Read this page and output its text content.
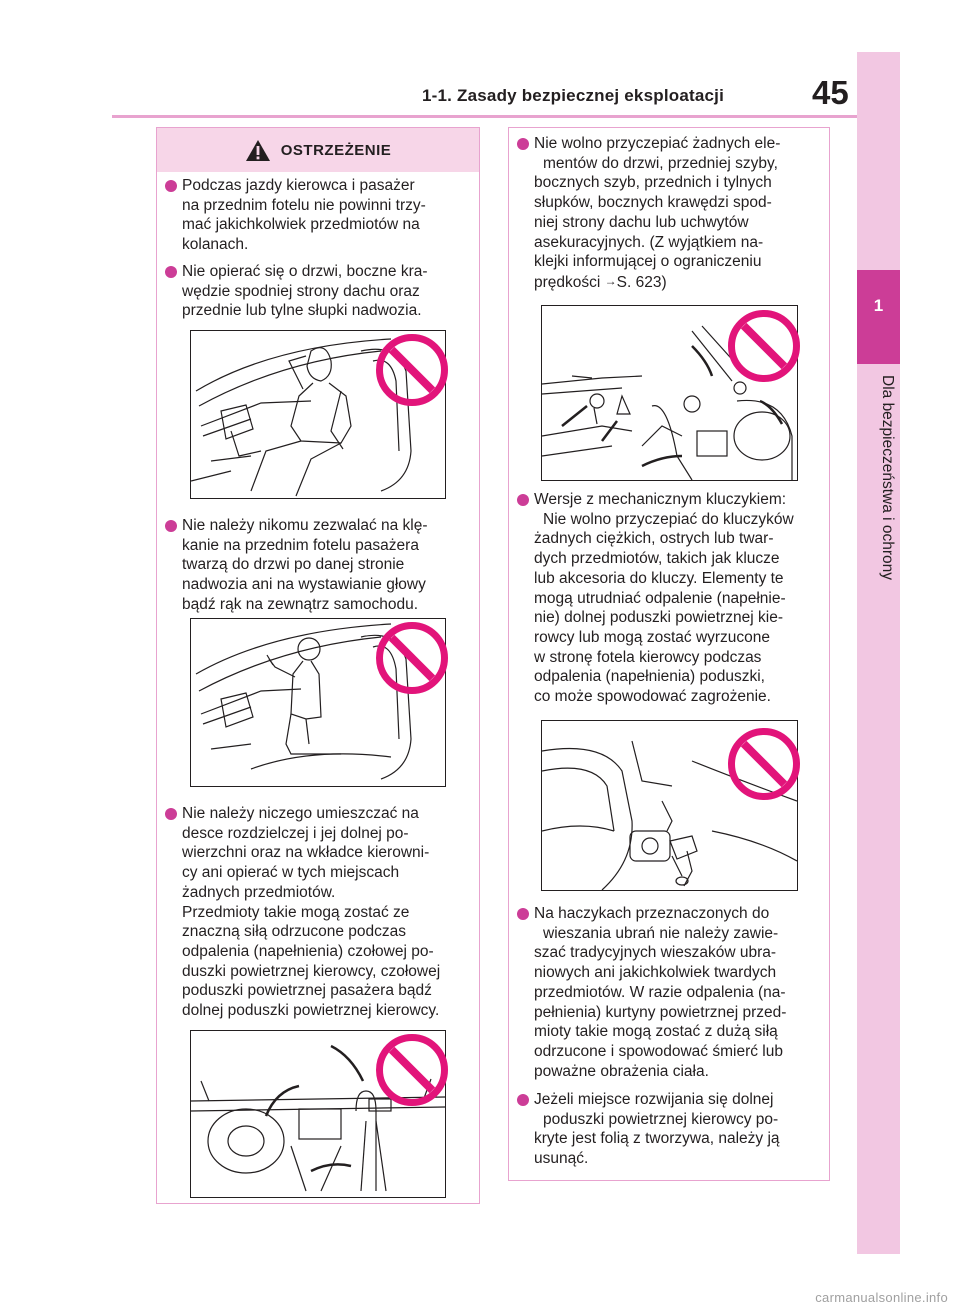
1-1. Zasady bezpiecznej eksploatacji	45
1
Dla bezpieczeństwa i ochrony
OSTRZEŻENIE
Podczas jazdy kierowca i pasażer
na przednim fotelu nie powinni trzy-
mać jakichkolwiek przedmiotów na
kolanach.
Nie opierać się o drzwi, boczne kra-
wędzie spodniej strony dachu oraz
przednie lub tylne słupki nadwozia.
Nie należy nikomu zezwalać na klę-
kanie na przednim fotelu pasażera
twarzą do drzwi po danej stronie
nadwozia ani na wystawianie głowy
bądź rąk na zewnątrz samochodu.
Nie należy niczego umieszczać na
desce rozdzielczej i jej dolnej po-
wierzchni oraz na wkładce kierowni-
cy ani opierać w tych miejscach
żadnych przedmiotów.
Przedmioty takie mogą zostać ze
znaczną siłą odrzucone podczas
odpalenia (napełnienia) czołowej po-
duszki powietrznej kierowcy, czołowej
poduszki powietrznej pasażera bądź
dolnej poduszki powietrznej kierowcy.
Nie wolno przyczepiać żadnych ele-
mentów do drzwi, przedniej szyby,
bocznych szyb, przednich i tylnych
słupków, bocznych krawędzi spod-
niej strony dachu lub uchwytów
asekuracyjnych. (Z wyjątkiem na-
klejki informującej o ograniczeniu
prędkości →S. 623)
Wersje z mechanicznym kluczykiem:
Nie wolno przyczepiać do kluczyków
żadnych ciężkich, ostrych lub twar-
dych przedmiotów, takich jak klucze
lub akcesoria do kluczy. Elementy te
mogą utrudniać odpalenie (napełnie-
nie) dolnej poduszki powietrznej kie-
rowcy lub mogą zostać wyrzucone
w stronę fotela kierowcy podczas
odpalenia (napełnienia) poduszki,
co może spowodować zagrożenie.
Na haczykach przeznaczonych do
wieszania ubrań nie należy zawie-
szać tradycyjnych wieszaków ubra-
niowych ani jakichkolwiek twardych
przedmiotów. W razie odpalenia (na-
pełnienia) kurtyny powietrznej przed-
mioty takie mogą zostać z dużą siłą
odrzucone i spowodować śmierć lub
poważne obrażenia ciała.
Jeżeli miejsce rozwijania się dolnej
poduszki powietrznej kierowcy po-
kryte jest folią z tworzywa, należy ją
usunąć.
carmanualsonline.info
